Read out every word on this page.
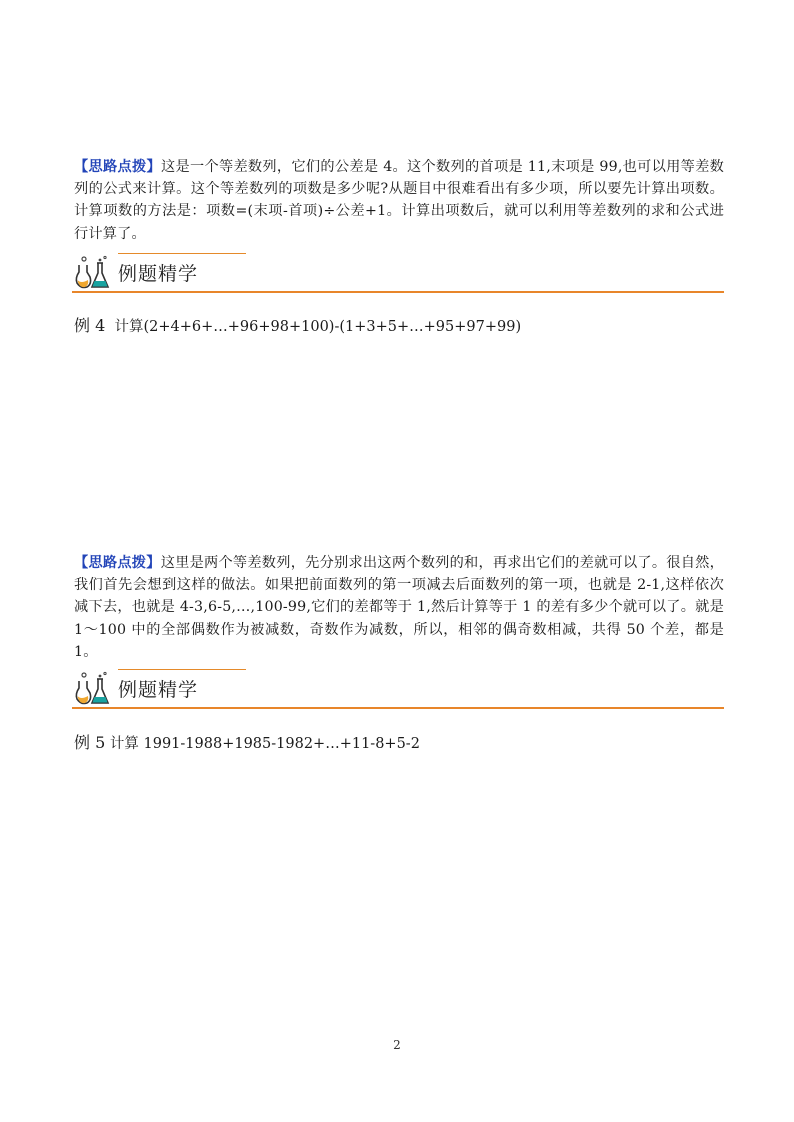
【思路点拨】这是一个等差数列，它们的公差是 4。这个数列的首项是 11,末项是 99,也可以用等差数列的公式来计算。这个等差数列的项数是多少呢?从题目中很难看出有多少项，所以要先计算出项数。计算项数的方法是：项数=(末项-首项)÷公差+1。计算出项数后，就可以利用等差数列的求和公式进行计算了。

例题精学
例 4 计算(2+4+6+…+96+98+100)-(1+3+5+…+95+97+99)

【思路点拨】这里是两个等差数列，先分别求出这两个数列的和，再求出它们的差就可以了。很自然，我们首先会想到这样的做法。如果把前面数列的第一项减去后面数列的第一项，也就是 2-1,这样依次减下去，也就是 4-3,6-5,…,100-99,它们的差都等于 1,然后计算等于 1 的差有多少个就可以了。就是 1～100 中的全部偶数作为被减数，奇数作为减数，所以，相邻的偶奇数相减，共得 50 个差，都是 1。

例题精学
例 5 计算 1991-1988+1985-1982+…+11-8+5-2
2
